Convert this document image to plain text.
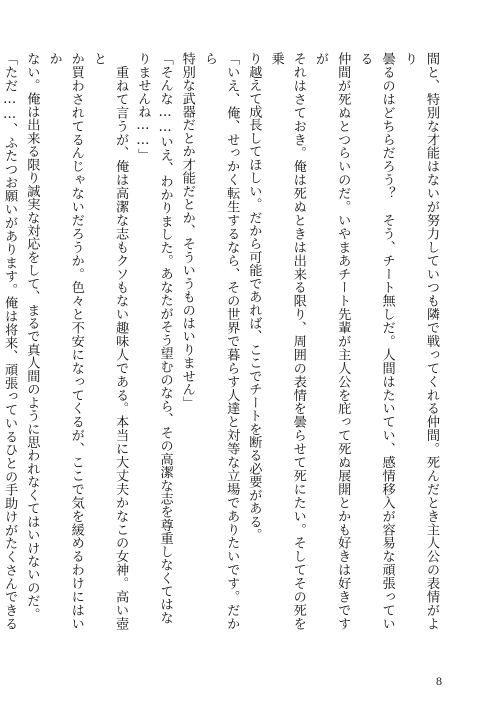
間と、特別な才能はないが努力していつも隣で戦ってくれる仲間。死んだとき主人公の表情がより
曇るのはどちらだろう？　そう、チート無しだ。人間はたいてい、感情移入が容易な頑張っている
仲間が死ぬとつらいのだ。いやまあチート先輩が主人公を庇って死ぬ展開とかも好きは好きですが
それはさておき。俺は死ぬときは出来る限り、周囲の表情を曇らせて死にたい。そしてその死を乗
り越えて成長してほしい。だから可能であれば、ここでチートを断る必要がある。
「いえ、俺、せっかく転生するなら、その世界で暮らす人達と対等な立場でありたいです。だから
特別な武器だとか才能だとか、そういうものはいりません」
「そんな……いえ、わかりました。あなたがそう望むのなら、その高潔な志を尊重しなくてはな
りませんね……」
　重ねて言うが、俺は高潔な志もクソもない趣味人である。本当に大丈夫かなこの女神。高い壺と
か買わされてるんじゃないだろうか。色々と不安になってくるが、ここで気を緩めるわけにはいか
ない。俺は出来る限り誠実な対応をして、まるで真人間のように思われなくてはいけないのだ。
「ただ……、ふたつお願いがあります。俺は将来、頑張っているひとの手助けがたくさんできる
8
